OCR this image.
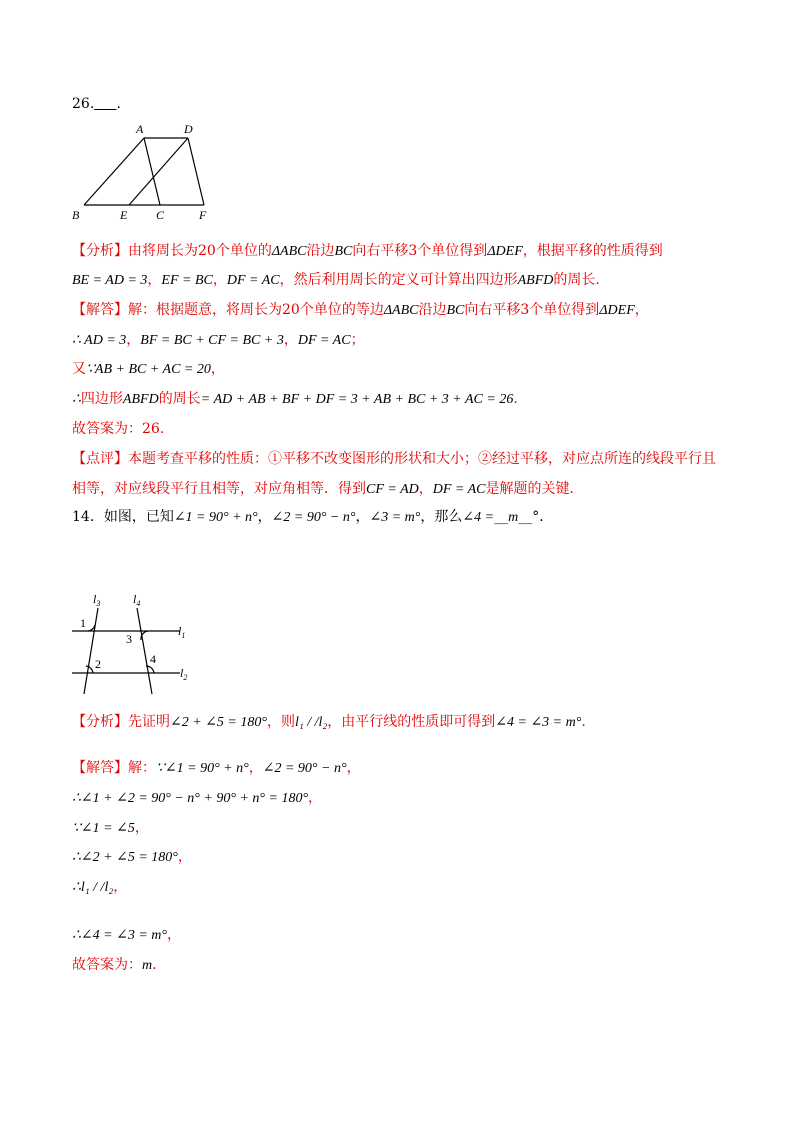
26. .
A	D
B	E C	F
【分析】由将周长为20个单位的ΔABC沿边BC向右平移3个单位得到ΔDEF，根据平移的性质得到
BE = AD = 3，EF = BC，DF = AC，然后利用周长的定义可计算出四边形ABFD的周长.
【解答】解：根据题意，将周长为20个单位的等边ΔABC沿边BC向右平移3个单位得到ΔDEF，
∴ AD = 3，BF = BC + CF = BC + 3，DF = AC；
又∵AB + BC + AC = 20，
∴四边形ABFD的周长= AD + AB + BF + DF = 3 + AB + BC + 3 + AC = 26.
故答案为：26.
【点评】本题考查平移的性质：①平移不改变图形的形状和大小；②经过平移，对应点所连的线段平行且
相等，对应线段平行且相等，对应角相等．得到CF = AD，DF = AC是解题的关键.
14．如图，已知∠1 = 90° + n°，∠2 = 90° − n°，∠3 = m°，那么∠4 =__m__°．
$l_3$	$l_4$
1
3
$l_1$
2	4
$l_2$
【分析】先证明∠2 + ∠5 = 180°，则l₁ / /l₂，由平行线的性质即可得到∠4 = ∠3 = m°.
【解答】解：∵∠1 = 90° + n°，∠2 = 90° − n°，
∴∠1 + ∠2 = 90° − n° + 90° + n° = 180°，
∵∠1 = ∠5，
∴∠2 + ∠5 = 180°，
∴l₁ / /l₂，
∴∠4 = ∠3 = m°，
故答案为：m．
